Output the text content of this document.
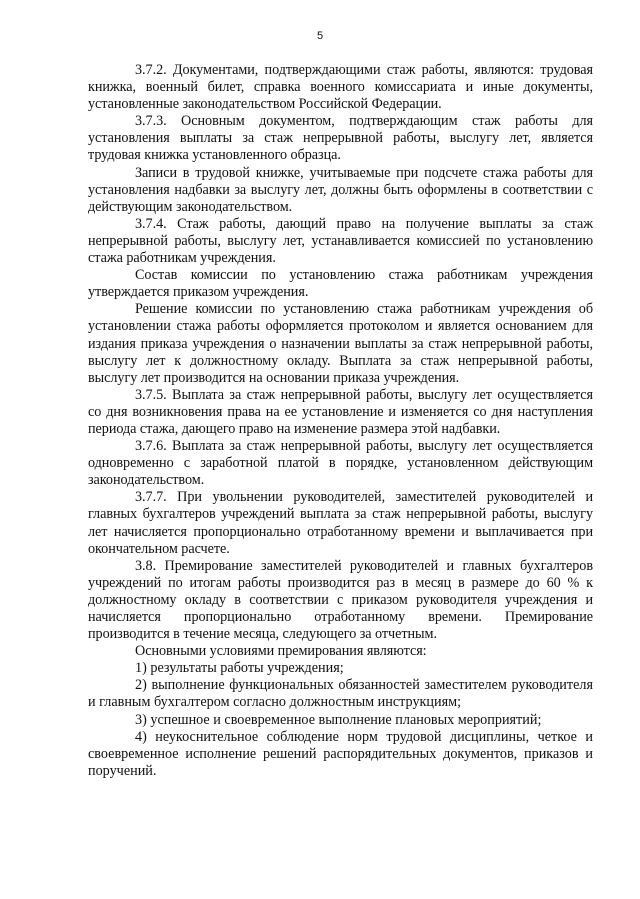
5

3.7.2. Документами, подтверждающими стаж работы, являются: трудовая книжка, военный билет, справка военного комиссариата и иные документы, установленные законодательством Российской Федерации.

3.7.3. Основным документом, подтверждающим стаж работы для установления выплаты за стаж непрерывной работы, выслугу лет, является трудовая книжка установленного образца.

Записи в трудовой книжке, учитываемые при подсчете стажа работы для установления надбавки за выслугу лет, должны быть оформлены в соответствии с действующим законодательством.

3.7.4. Стаж работы, дающий право на получение выплаты за стаж непрерывной работы, выслугу лет, устанавливается комиссией по установлению стажа работникам учреждения.

Состав комиссии по установлению стажа работникам учреждения утверждается приказом учреждения.

Решение комиссии по установлению стажа работникам учреждения об установлении стажа работы оформляется протоколом и является основанием для издания приказа учреждения о назначении выплаты за стаж непрерывной работы, выслугу лет к должностному окладу. Выплата за стаж непрерывной работы, выслугу лет производится на основании приказа учреждения.

3.7.5. Выплата за стаж непрерывной работы, выслугу лет осуществляется со дня возникновения права на ее установление и изменяется со дня наступления периода стажа, дающего право на изменение размера этой надбавки.

3.7.6. Выплата за стаж непрерывной работы, выслугу лет осуществляется одновременно с заработной платой в порядке, установленном действующим законодательством.

3.7.7. При увольнении руководителей, заместителей руководителей и главных бухгалтеров учреждений выплата за стаж непрерывной работы, выслугу лет начисляется пропорционально отработанному времени и выплачивается при окончательном расчете.

3.8. Премирование заместителей руководителей и главных бухгалтеров учреждений по итогам работы производится раз в месяц в размере до 60 % к должностному окладу в соответствии с приказом руководителя учреждения и начисляется пропорционально отработанному времени. Премирование производится в течение месяца, следующего за отчетным.

Основными условиями премирования являются:

1) результаты работы учреждения;

2) выполнение функциональных обязанностей заместителем руководителя и главным бухгалтером согласно должностным инструкциям;

3) успешное и своевременное выполнение плановых мероприятий;

4) неукоснительное соблюдение норм трудовой дисциплины, четкое и своевременное исполнение решений распорядительных документов, приказов и поручений.
